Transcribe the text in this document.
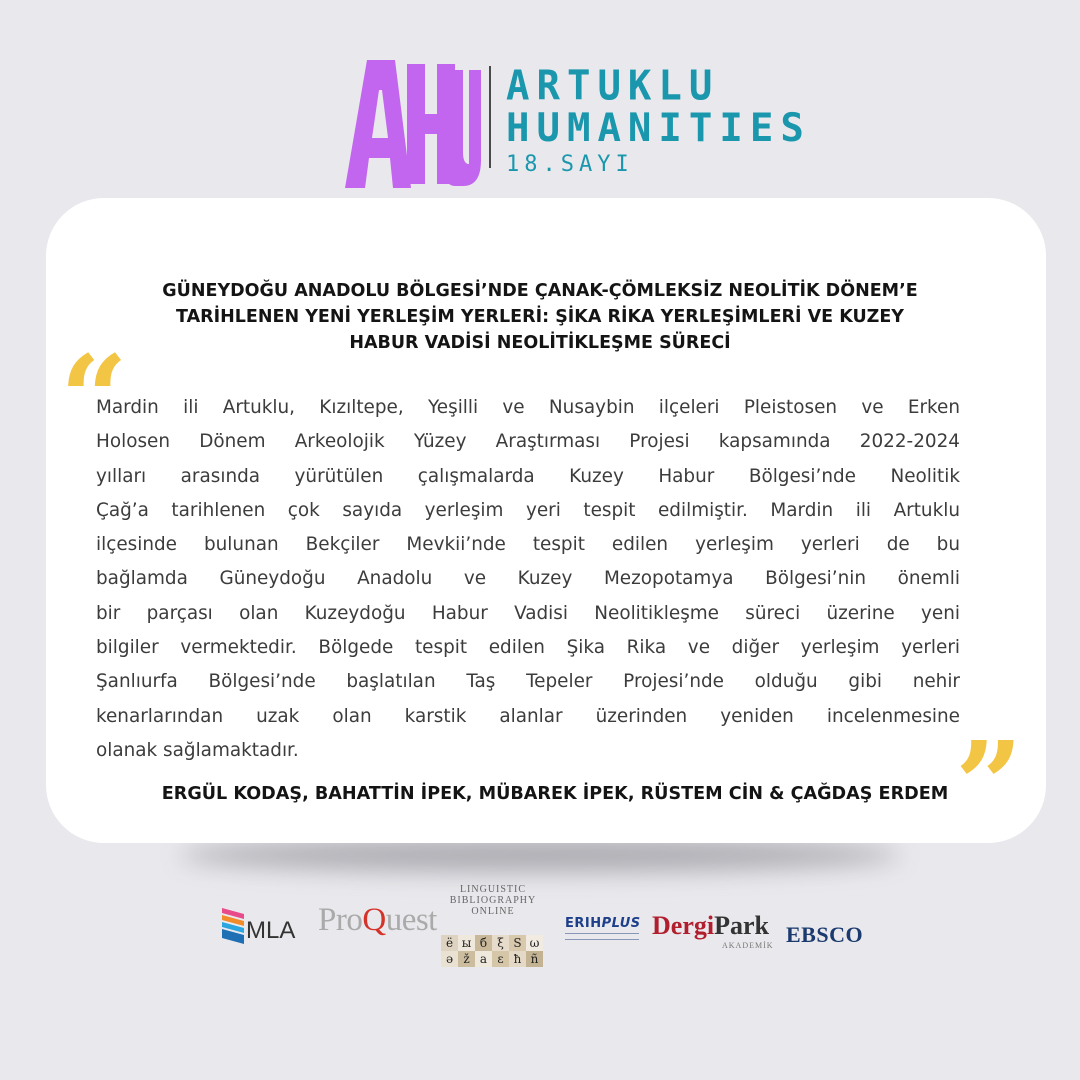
ARTUKLU
HUMANITIES
18.SAYI
GÜNEYDOĞU ANADOLU BÖLGESİ’NDE ÇANAK-ÇÖMLEKSİZ NEOLİTİK DÖNEM’E
TARİHLENEN YENİ YERLEŞİM YERLERİ: ŞİKA RİKA YERLEŞİMLERİ VE KUZEY
HABUR VADİSİ NEOLİTİKLEŞME SÜRECİ
“
Mardin ili Artuklu, Kızıltepe, Yeşilli ve Nusaybin ilçeleri Pleistosen ve Erken
Holosen Dönem Arkeolojik Yüzey Araştırması Projesi kapsamında 2022-2024
yılları arasında yürütülen çalışmalarda Kuzey Habur Bölgesi’nde Neolitik
Çağ’a tarihlenen çok sayıda yerleşim yeri tespit edilmiştir. Mardin ili Artuklu
ilçesinde bulunan Bekçiler Mevkii’nde tespit edilen yerleşim yerleri de bu
bağlamda Güneydoğu Anadolu ve Kuzey Mezopotamya Bölgesi’nin önemli
bir parçası olan Kuzeydoğu Habur Vadisi Neolitikleşme süreci üzerine yeni
bilgiler vermektedir. Bölgede tespit edilen Şika Rika ve diğer yerleşim yerleri
Şanlıurfa Bölgesi’nde başlatılan Taş Tepeler Projesi’nde olduğu gibi nehir
kenarlarından uzak olan karstik alanlar üzerinden yeniden incelenmesine
olanak sağlamaktadır.	”
ERGÜL KODAŞ, BAHATTİN İPEK, MÜBAREK İPEK, RÜSTEM CİN & ÇAĞDAŞ ERDEM
MLA ProQuest
LINGUISTIC
BIBLIOGRAPHY
ONLINE
ё ы б ξ S ω
ǝ ž a ε ħ ñ
ERIHPLUS DergiPark
AKADEMİK EBSCO
